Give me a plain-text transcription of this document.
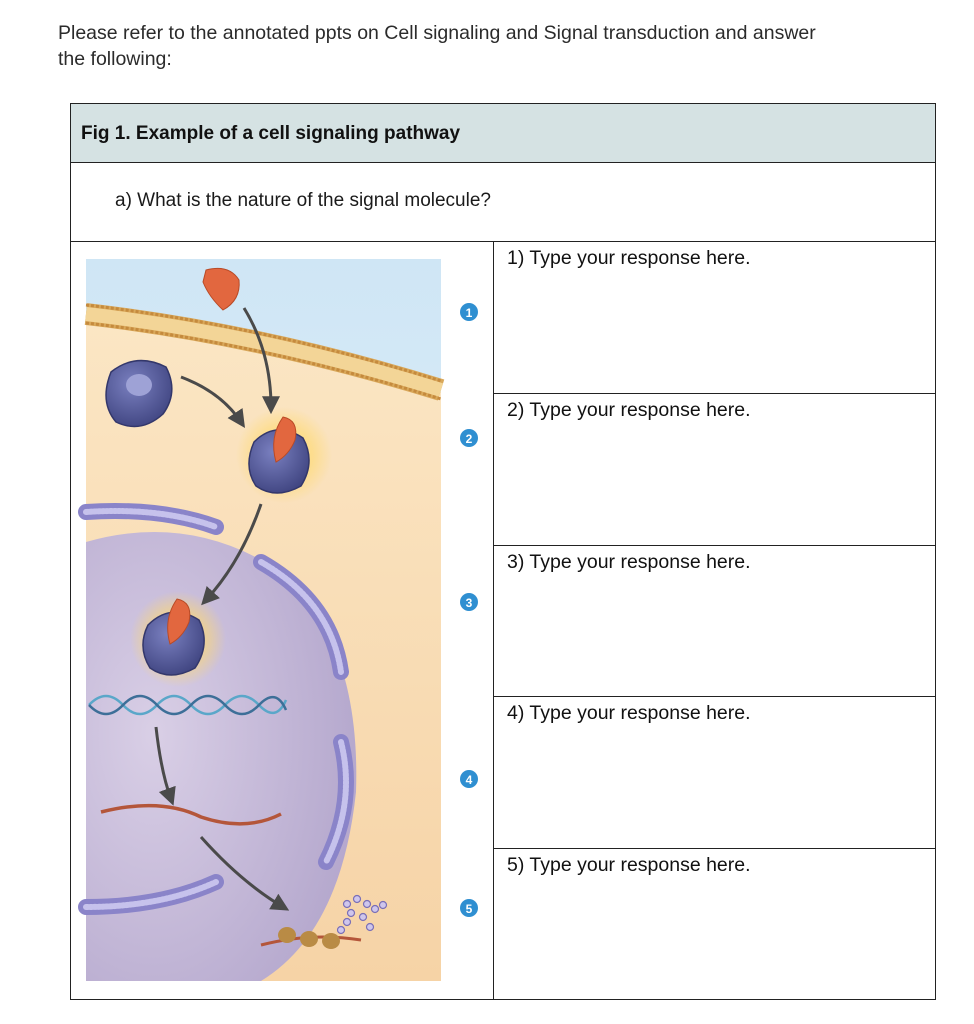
Please refer to the annotated ppts on Cell signaling and Signal transduction and answer
the following:
Fig 1. Example of a cell signaling pathway
a) What is the nature of the signal molecule?
1
2
3
4
5
1) Type your response here.
2) Type your response here.
3) Type your response here.
4) Type your response here.
5) Type your response here.
